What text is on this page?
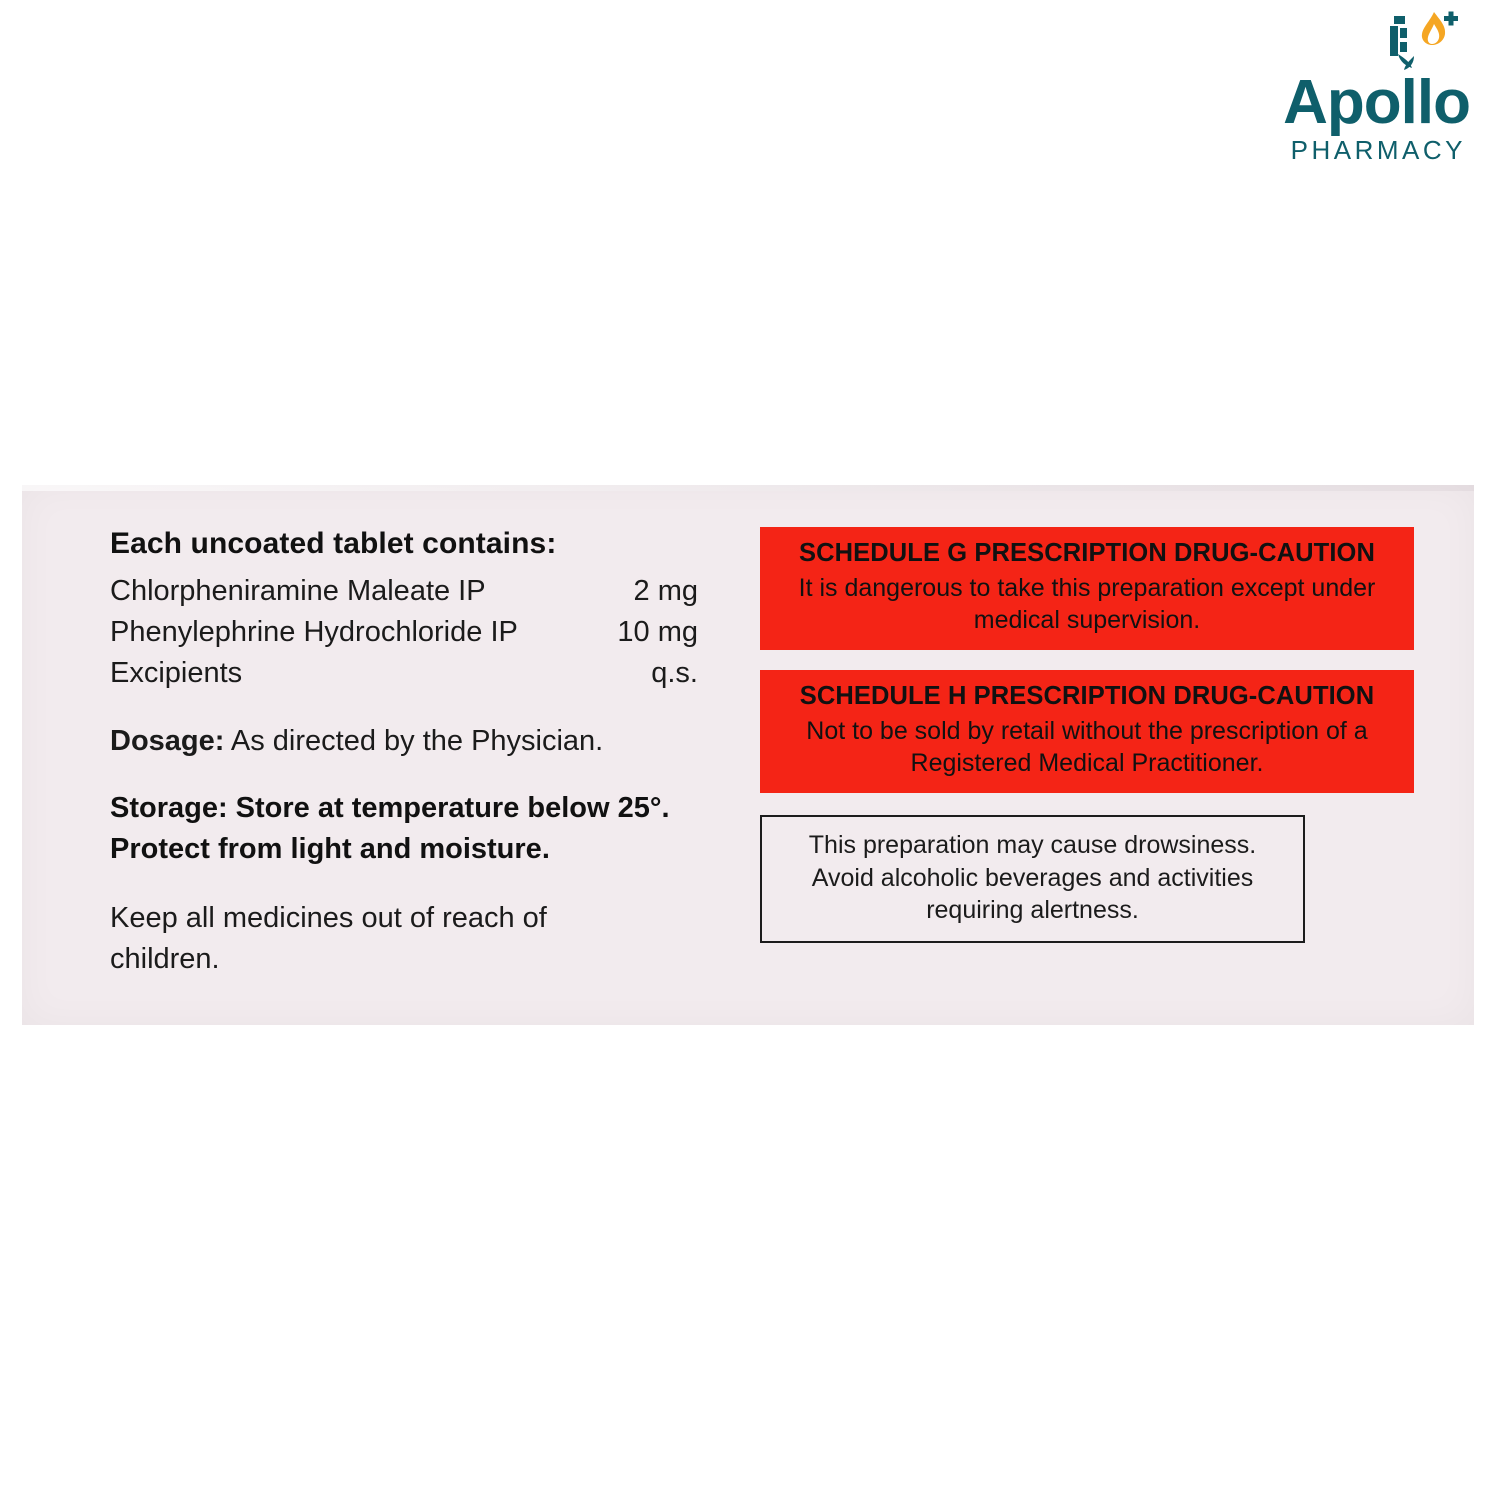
Apollo
PHARMACY
Each uncoated tablet contains:
Chlorpheniramine Maleate IP	2 mg
Phenylephrine Hydrochloride IP	10 mg
Excipients	q.s.
Dosage: As directed by the Physician.
Storage: Store at temperature below 25°. Protect from light and moisture.
Keep all medicines out of reach of children.
SCHEDULE G PRESCRIPTION DRUG-CAUTION
It is dangerous to take this preparation except under medical supervision.
SCHEDULE H PRESCRIPTION DRUG-CAUTION
Not to be sold by retail without the prescription of a Registered Medical Practitioner.
This preparation may cause drowsiness. Avoid alcoholic beverages and activities requiring alertness.
